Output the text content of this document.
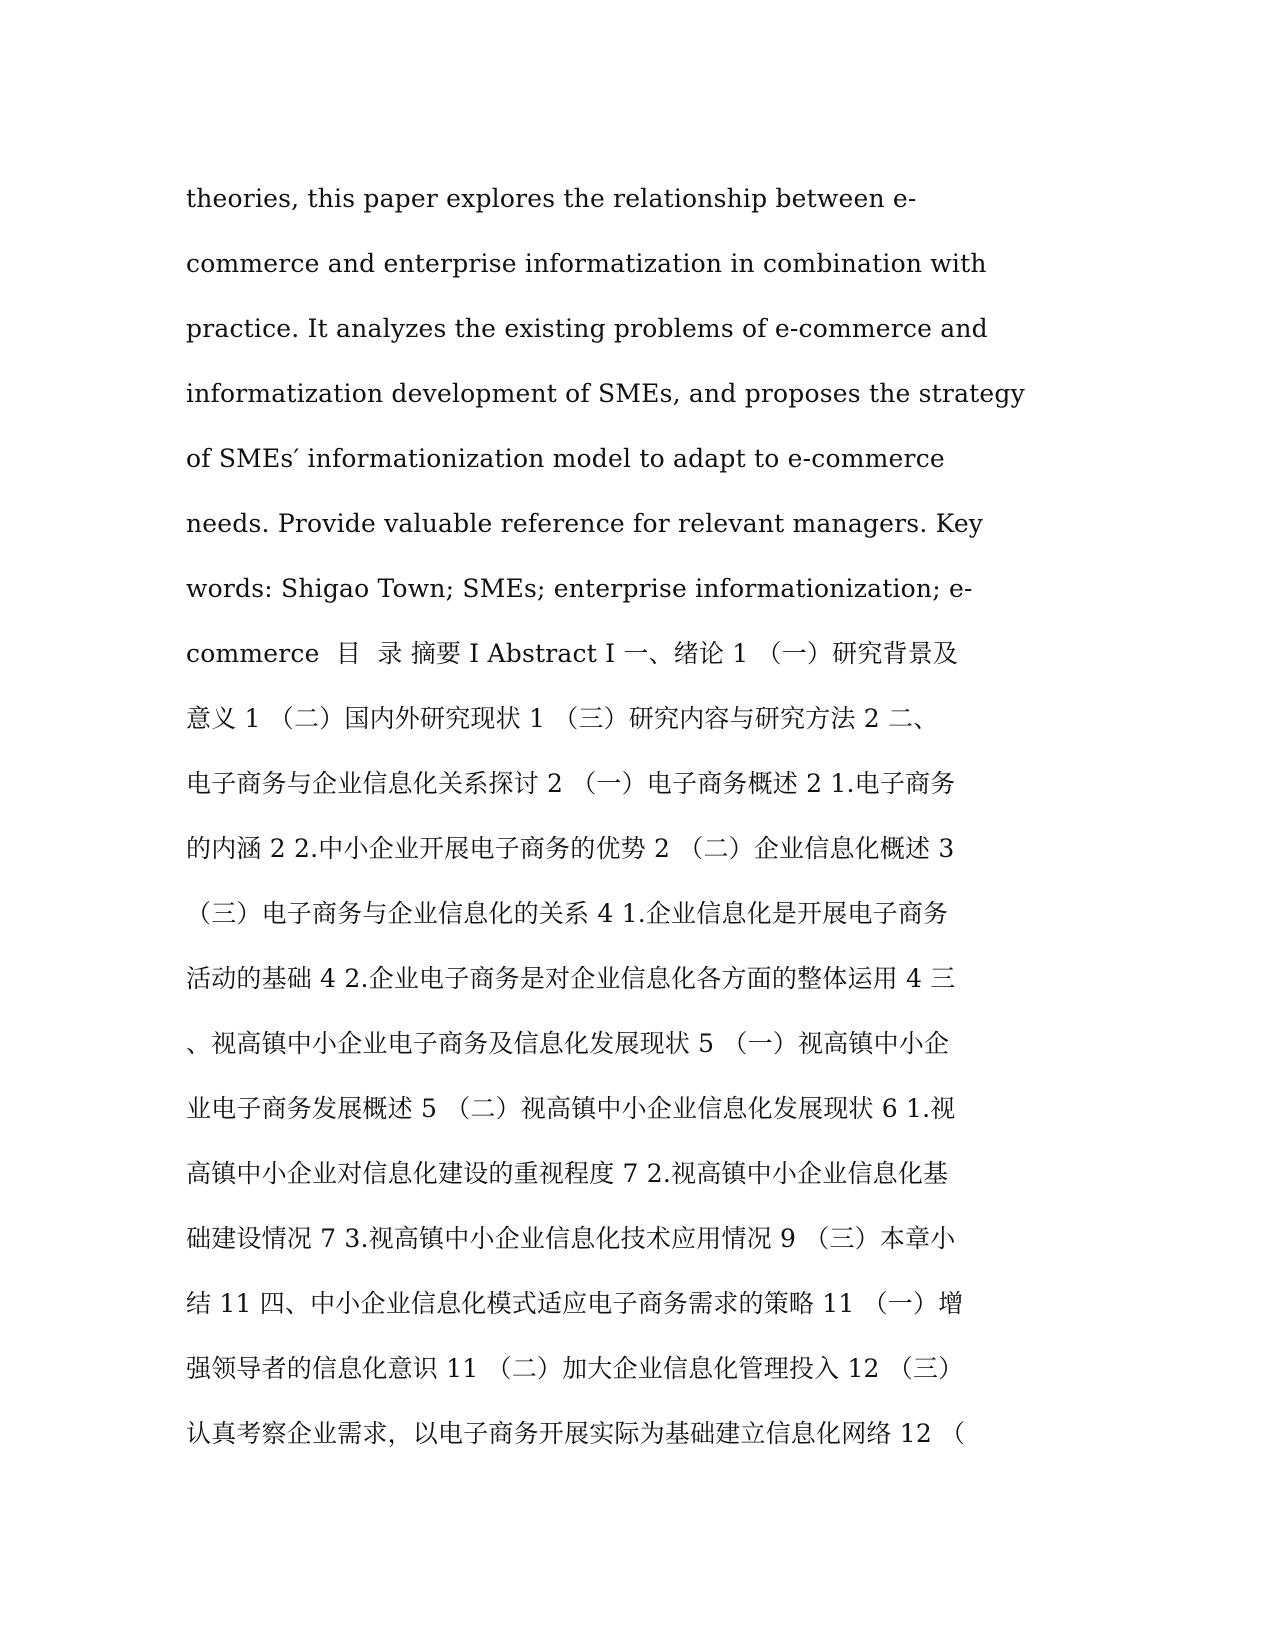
theories, this paper explores the relationship between e-
commerce and enterprise informatization in combination with
practice. It analyzes the existing problems of e-commerce and
informatization development of SMEs, and proposes the strategy
of SMEs′ informationization model to adapt to e-commerce
needs. Provide valuable reference for relevant managers. Key
words: Shigao Town; SMEs; enterprise informationization; e-
commerce  目  录 摘要 I Abstract I 一、绪论 1 （一）研究背景及
意义 1 （二）国内外研究现状 1 （三）研究内容与研究方法 2 二、
电子商务与企业信息化关系探讨 2 （一）电子商务概述 2 1.电子商务
的内涵 2 2.中小企业开展电子商务的优势 2 （二）企业信息化概述 3
（三）电子商务与企业信息化的关系 4 1.企业信息化是开展电子商务
活动的基础 4 2.企业电子商务是对企业信息化各方面的整体运用 4 三
、视高镇中小企业电子商务及信息化发展现状 5 （一）视高镇中小企
业电子商务发展概述 5 （二）视高镇中小企业信息化发展现状 6 1.视
高镇中小企业对信息化建设的重视程度 7 2.视高镇中小企业信息化基
础建设情况 7 3.视高镇中小企业信息化技术应用情况 9 （三）本章小
结 11 四、中小企业信息化模式适应电子商务需求的策略 11 （一）增
强领导者的信息化意识 11 （二）加大企业信息化管理投入 12 （三）
认真考察企业需求，以电子商务开展实际为基础建立信息化网络 12 （
